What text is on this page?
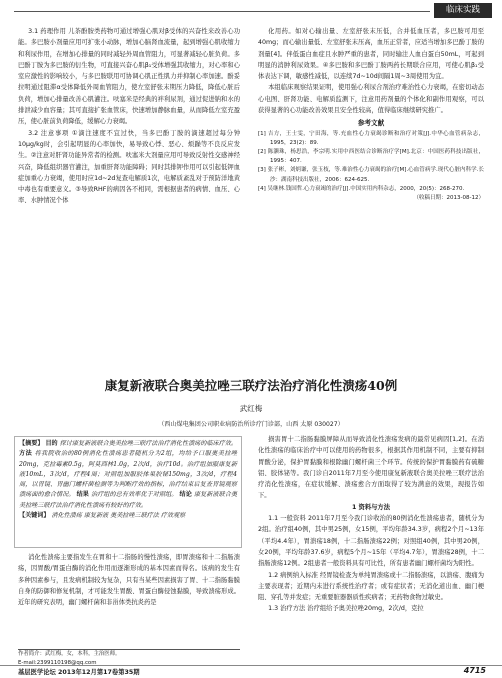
临床实践

3.1 药理作用 儿茶酚胺类药物可通过增强心肌对β受体的兴奋性来改善心功能。多巴胺小剂量应用可扩张小动脉，增加心脑肾血流量，起到增强心肌收缩力和利尿作用，在增加心排量的同时减轻外周血管阻力，可显著减轻心脏负荷。多巴酚丁胺为多巴胺的衍生物，可直接兴奋心肌β₁受体增强其收缩力，对心率和心室应激性的影响较小，与多巴胺联用可协调心肌正性肌力并抑制心率加速。酚妥拉明通过阻滞α受体降低外周血管阻力，使左室舒张末期压力降低，降低心脏后负荷，增加心排量改善心肌灌注。呋塞米是经典的袢利尿剂，通过促进钠和水的排泄减少血容量；其可直接扩张血管床，快速增加静脉血量，从而降低左室充盈压，使心脏前负荷降低，缓解心力衰竭。

3.2 注意事项 ①滴注速度不宜过快，当多巴酚丁胺的滴速超过每分钟10μg/kg时，会引起明显的心率加快，易导致心悸、恶心、烦躁等不良反应发生。②注意对肝肾功能异常者的检测。呋塞米大剂量应用可导致反射性交感神经兴奋，降低组织器官灌注，加重肝肾功能障碍；同时其排钾作用可以引起低钾血症加重心力衰竭，使用时应1d~2d复查电解质1次，电解质紊乱对于预防洋地黄中毒也有重要意义。③导致RHF的病因各不相同，需根据患者的病情、血压、心率、水肿情况个体

化用药。如对心输出量、左室舒张末压低，合并低血压者，多巴胺可用至40mg；而心输出量低、左室舒张末压高，血压正常者，应适当增加多巴酚丁胺的剂量[4]。伴低蛋白血症且水肿严重的患者，同时输注人血白蛋白50mL，可起到明显的消肿利尿效果。④多巴胺和多巴酚丁胺两药长期联合应用，可使心肌β₁受体表达下调，敏感性减低，以连续7d~10d间隔1周~3周使用为宜。

本组临床观察结果证明，使用强心利尿合剂治疗难治性心力衰竭，在密切动态心电图、肝肾功能、电解质监测下，注意用药剂量的个体化和副作用观察，可以获得显著的心功能改善效果且安全性较高，值得临床继续研究推广。

参考文献
[1] 吉方，王士雯，宁田海，等.充血性心力衰竭诊断和治疗对策[J].中华心血管病杂志，1995，23(2)：89.
[2] 陈灏珠，杨思浩，李宗明.实用中西医结合诊断治疗学[M].北京：中国医药科技出版社，1995：407.
[3] 张子彬，刘炳谦，张玉枝，等.难治性心力衰竭的治疗[M].心血管病学.现代心脏内科学.长沙：湖南科技出版社，2006：624-625.
[4] 吴继林.钱国哲.心力衰竭的治疗[J].中国实用内科杂志，2000，20(5)：268-270.
（收稿日期：2013-08-12）
康复新液联合奥美拉唑三联疗法治疗消化性溃疡40例
武红梅
（西山煤电集团公司职业病防治所诊疗门诊部，山西 太原 030027）
【摘要】 目的 探讨康复新液联合奥美拉唑三联疗法治疗消化性溃疡的临床疗效。 方法 将我院收治的80例消化性溃疡患者随机分为2组，均给予口服奥美拉唑20mg，克拉霉素0.5g，阿莫西林1.0g，2次/d，治疗10d。治疗组加服康复新液10mL，3次/d，疗程4周；对照组加服胶体果胶铋150mg，3次/d，疗程4周，以胃镜、胃幽门螺杆菌检测等为判断疗效的指标，治疗结束后复查胃镜观察溃疡面的愈合情况。 结果 治疗组的总有效率优于对照组。 结论 康复新液联合奥美拉唑三联疗法治疗消化性溃疡有较好的疗效。
【关键词】 消化性溃疡 康复新液 奥美拉唑三联疗法 疗效观察

消化性溃疡主要指发生在胃和十二指肠的慢性溃疡，即胃溃疡和十二指肠溃疡，因胃酸/胃蛋白酶的消化作用而逐渐形成的基本因素而得名。该病的发生有多种因素参与，且发病机制较为复杂，只有当某些因素损害了胃、十二指肠黏膜自身的防御和修复机制，才可能发生胃酸、胃蛋白酶侵蚀黏膜，导致溃疡形成。近年的研究表明，幽门螺杆菌和非甾体类抗炎药是

作者简介：武红梅，女，本科，主治医师。
E-mail:2399110198@qq.com

损害胃十二指肠黏膜屏障从而导致消化性溃疡发病的最常见病因[1,2]。在消化性溃疡的临床治疗中可以使用的药物很多，根据其作用机制不同，主要有抑制胃酸分泌，保护胃黏膜和根除幽门螺杆菌三个环节。传统的保护胃黏膜药有硫糖铝、胶体铋等。我门诊自2011年7月至今使用康复新液联合奥美拉唑三联疗法治疗消化性溃疡，在症状缓解、溃疡愈合方面取得了较为满意的效果，现报告如下。

1 资料与方法

1.1 一般资料 2011年7月至今我门诊收治的80例消化性溃疡患者，随机分为2组。治疗组40例，其中男25例，女15例，平均年龄34.3岁，病程2个月~13年（平均4.4年），胃溃疡18例，十二指肠溃疡22例；对照组40例，其中男20例，女20例，平均年龄37.6岁，病程5个月~15年（平均4.7年），胃溃疡28例，十二指肠溃疡12例。2组患者一般资料具有可比性，所有患者幽门螺杆菌均为阳性。

1.2 病例纳入标准 经胃镜检查为单纯胃溃疡或十二指肠溃疡，以溃疡、腹痛为主要表现者；近期内未进行系统性治疗者；或有症状者；无消化道出血、幽门梗阻、穿孔等并发症；无重要脏器器质性疾病者；无药物食物过敏史。

1.3 治疗方法 治疗组给予奥美拉唑20mg，2次/d，克拉

基层医学论坛 2013年12月第17卷第35期	4715
